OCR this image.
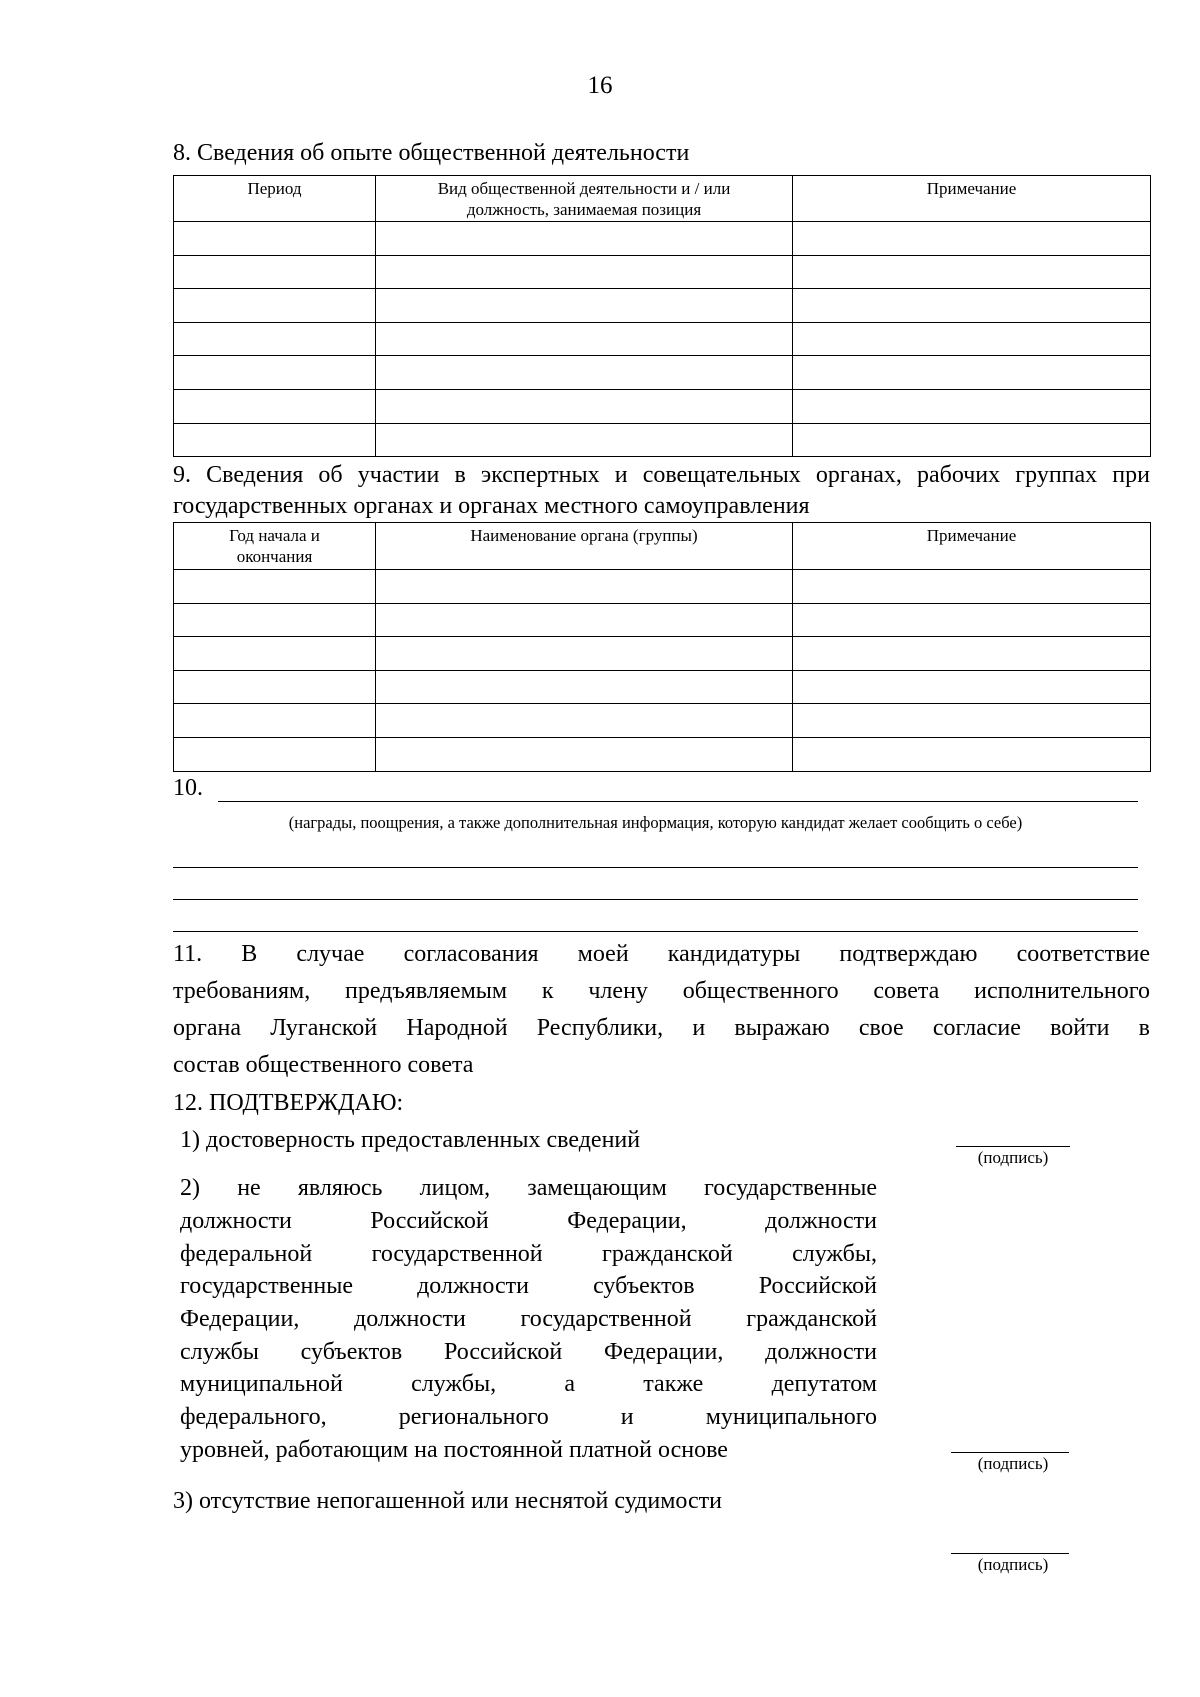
16
8. Сведения об опыте общественной деятельности
Период	Вид общественной деятельности и / или должность, занимаемая позиция	Примечание

9. Сведения об участии в экспертных и совещательных органах, рабочих группах при
государственных органах и органах местного самоуправления
Год начала и окончания	Наименование органа (группы)	Примечание

10.
(награды, поощрения, а также дополнительная информация, которую кандидат желает сообщить о себе)
11. В случае согласования моей кандидатуры подтверждаю соответствие
требованиям, предъявляемым к члену общественного совета исполнительного
органа Луганской Народной Республики, и выражаю свое согласие войти в
состав общественного совета
12. ПОДТВЕРЖДАЮ:
1) достоверность предоставленных сведений
(подпись)
2) не являюсь лицом, замещающим государственные
должности Российской Федерации, должности
федеральной государственной гражданской службы,
государственные должности субъектов Российской
Федерации, должности государственной гражданской
службы субъектов Российской Федерации, должности
муниципальной службы, а также депутатом
федерального, регионального и муниципального
уровней, работающим на постоянной платной основе
(подпись)
3) отсутствие непогашенной или неснятой судимости
(подпись)
